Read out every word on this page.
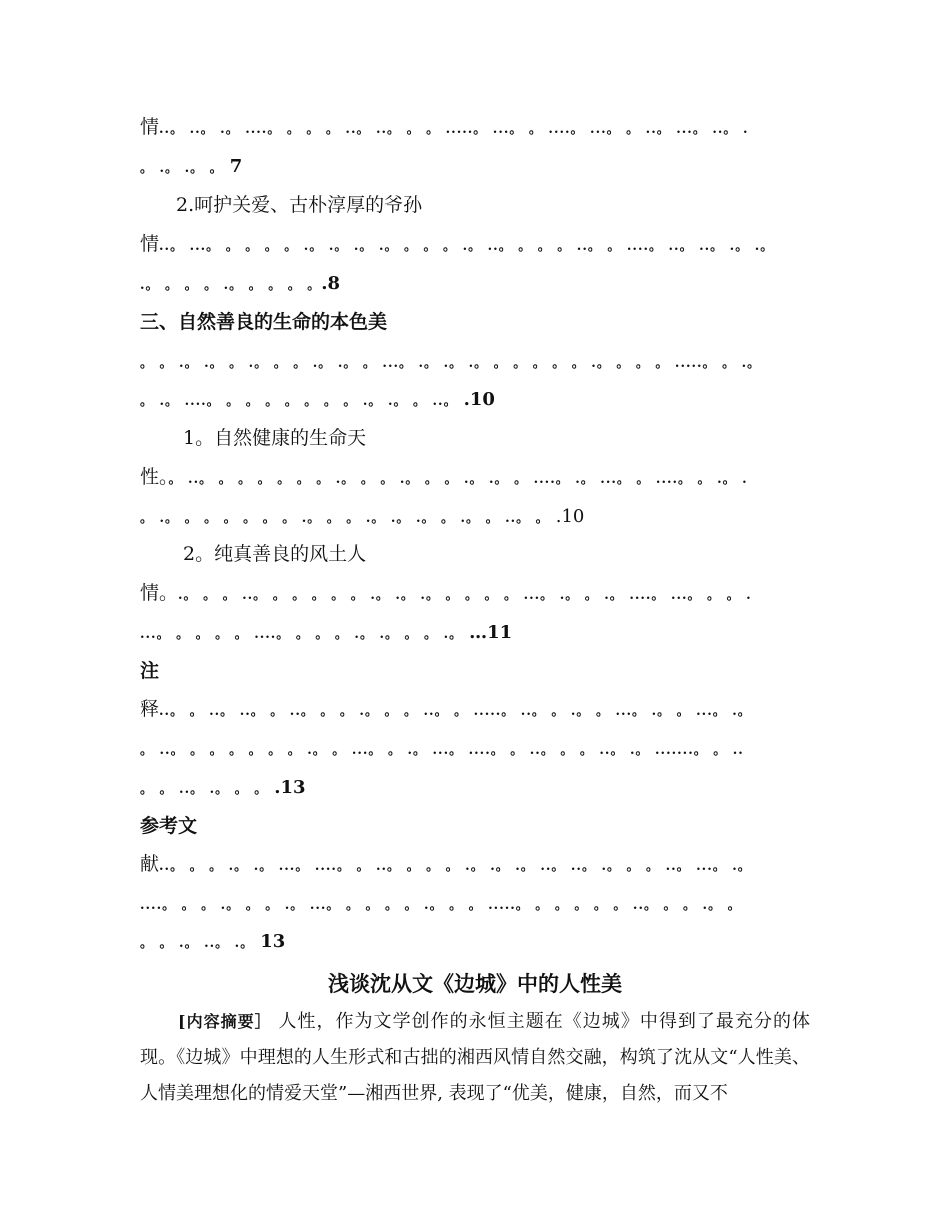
情..。 ..。 .。 ....。 。 。 。 ..。 ..。 。 。 .....。 ...。 。 ....。 ...。 。 ..。 ...。 ..。 .
。 .。 .。 。 7
2.呵护关爱、古朴淳厚的爷孙
情..。 ...。 。 。 。 。 .。 .。 .。 .。 。 。 。 .。 ..。 。 。 。 ..。 。 ....。 ..。 ..。 .。 .。
.。 。 。 。 .。 。 。 。 。.8
三、自然善良的生命的本色美
。 。 .。 .。 。 .。 。 。 .。 .。 。 ...。 .。 .。 .。 。 。 。 。 。 .。 。 。 。 .....。 。 .。
。 .。 ....。 。 。 。 。 。 。 。 .。 .。 。 ..。 .10
1。自然健康的生命天
性。。 ..。 。 。 。 。 。 。 .。 。 。 .。 。 。 .。 .。 。 ....。 .。 ...。 。 ....。 。 .。 .
。 .。 。 。 。 。 。 。 .。 。 。 .。 .。 .。 。 .。 。 ..。 。 .10
2。纯真善良的风土人
情。.。 。 。 ..。 。 。 。 。 。 .。 .。 .。 。 。 。 。 ...。 .。 。 .。 ....。 ...。 。 。 .
...。 。 。 。 。 ....。 。 。 。 .。 .。 。 。 .。 …11
注
释..。 。 ..。 ..。 。 ..。 。 。 .。 。 。 ..。 。 .....。 ..。 。 .。 。 ...。 .。 。 ...。 .。
。 ..。 。 。 。 。 。 。 .。 。 ...。 。 .。 ...。 ....。 。 ..。 。 。 ..。 .。 .......。 。 ..
。 。 ..。 .。 。 。 .13
参考文
献..。 。 。 .。 .。 ...。 ....。 。 ..。 。 。 。 .。 .。 .。 ..。 ..。 .。 。 。 ..。 ...。 .。
....。 。 。 .。 。 。 .。 ...。 。 。 。 。 .。 。 。 .....。 。 。 。 。 。 ..。 。 。 .。 。
。 。 .。 ..。 .。 13
浅谈沈从文《边城》中的人性美
[内容摘要］ 人性，作为文学创作的永恒主题在《边城》中得到了最充分的体现。《边城》中理想的人生形式和古拙的湘西风情自然交融，构筑了沈从文“人性美、人情美理想化的情爱天堂”—湘西世界, 表现了“优美，健康，自然，而又不
